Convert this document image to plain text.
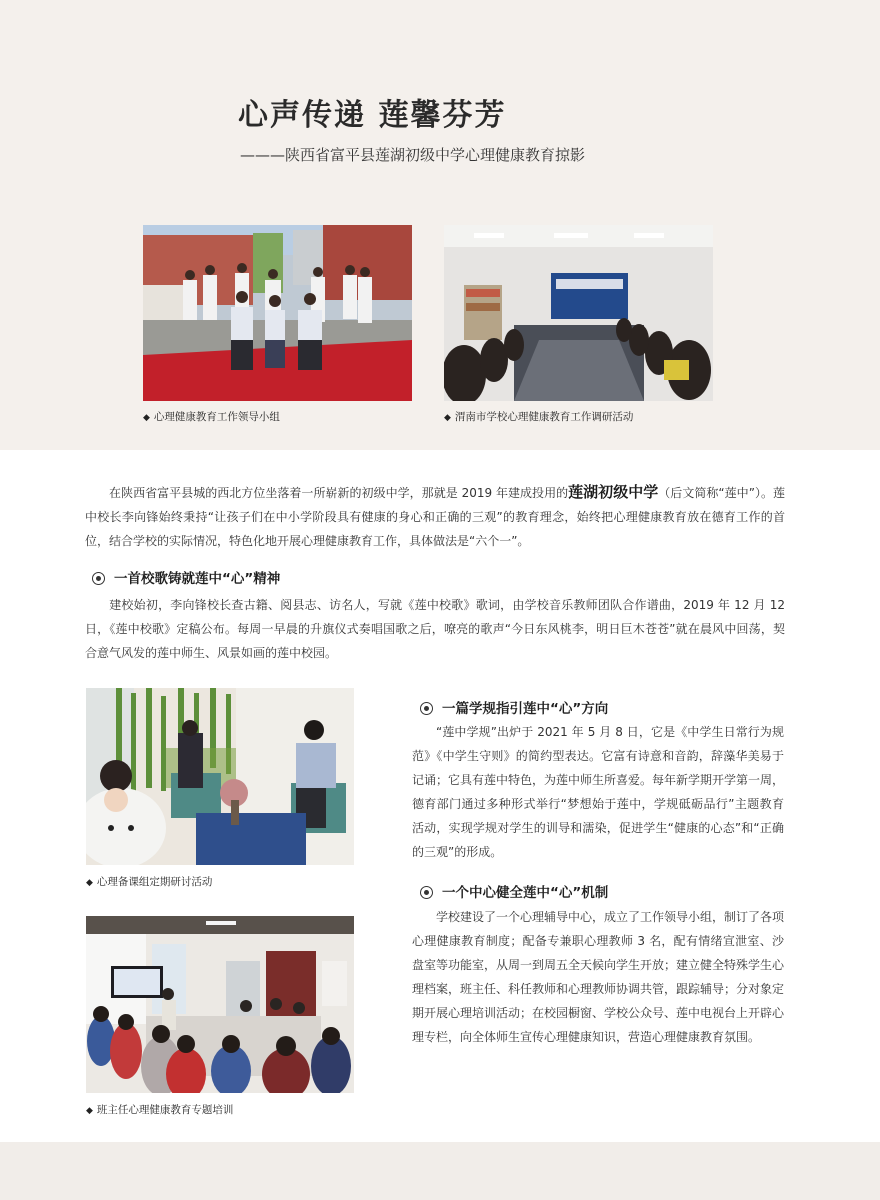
心声传递 莲馨芬芳
———陕西省富平县莲湖初级中学心理健康教育掠影
◆ 心理健康教育工作领导小组	◆ 渭南市学校心理健康教育工作调研活动
在陕西省富平县城的西北方位坐落着一所崭新的初级中学，那就是 2019 年建成投用的莲湖初级中学（后文简称“莲中”）。莲中校长李向锋始终秉持“让孩子们在中小学阶段具有健康的身心和正确的三观”的教育理念，始终把心理健康教育放在德育工作的首位，结合学校的实际情况，特色化地开展心理健康教育工作，具体做法是“六个一”。
一首校歌铸就莲中“心”精神
建校始初，李向锋校长查古籍、阅县志、访名人，写就《莲中校歌》歌词，由学校音乐教师团队合作谱曲，2019 年 12 月 12 日，《莲中校歌》定稿公布。每周一早晨的升旗仪式奏唱国歌之后，嘹亮的歌声“今日东风桃李，明日巨木苍苍”就在晨风中回荡，契合意气风发的莲中师生、风景如画的莲中校园。
◆ 心理备课组定期研讨活动
一篇学规指引莲中“心”方向
“莲中学规”出炉于 2021 年 5 月 8 日，它是《中学生日常行为规范》《中学生守则》的简约型表达。它富有诗意和音韵，辞藻华美易于记诵；它具有莲中特色，为莲中师生所喜爱。每年新学期开学第一周，德育部门通过多种形式举行“梦想始于莲中，学规砥砺品行”主题教育活动，实现学规对学生的训导和濡染，促进学生“健康的心态”和“正确的三观”的形成。
一个中心健全莲中“心”机制
学校建设了一个心理辅导中心，成立了工作领导小组，制订了各项心理健康教育制度；配备专兼职心理教师 3 名，配有情绪宣泄室、沙盘室等功能室，从周一到周五全天候向学生开放；建立健全特殊学生心理档案，班主任、科任教师和心理教师协调共管，跟踪辅导；分对象定期开展心理培训活动；在校园橱窗、学校公众号、莲中电视台上开辟心理专栏，向全体师生宣传心理健康知识，营造心理健康教育氛围。
◆ 班主任心理健康教育专题培训
